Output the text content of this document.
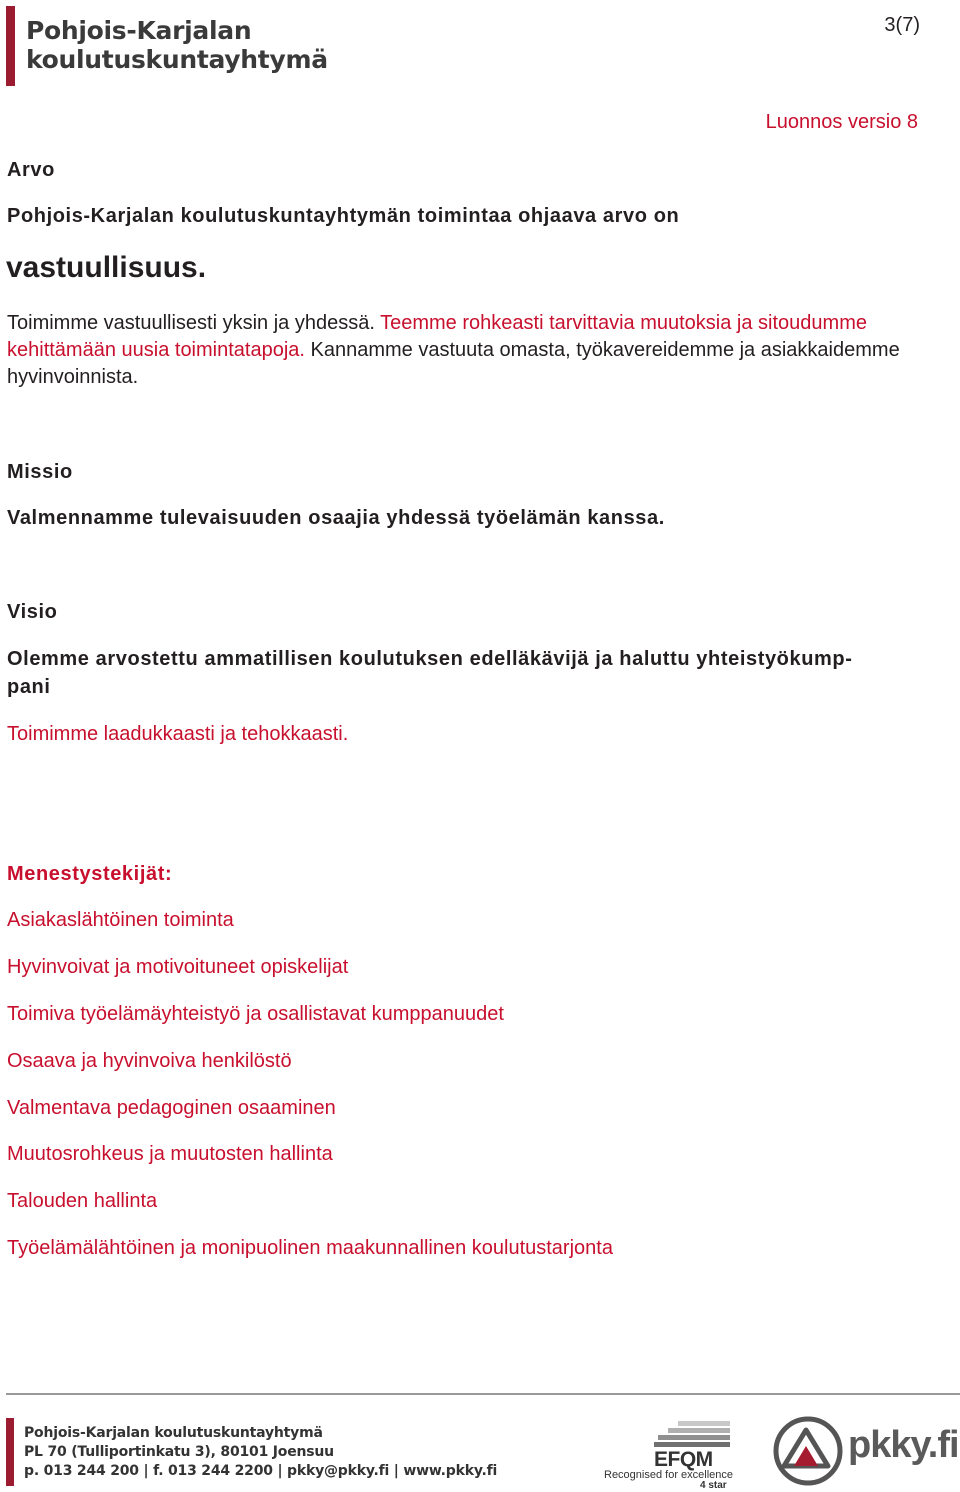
Pohjois-Karjalan
koulutuskuntayhtymä
3(7)
Luonnos versio 8
Arvo
Pohjois-Karjalan koulutuskuntayhtymän toimintaa ohjaava arvo on
vastuullisuus.
Toimimme vastuullisesti yksin ja yhdessä. Teemme rohkeasti tarvittavia muutoksia ja sitoudumme kehittämään uusia toimintatapoja. Kannamme vastuuta omasta, työkavereidemme ja asiakkaidemme hyvinvoinnista.
Missio
Valmennamme tulevaisuuden osaajia yhdessä työelämän kanssa.
Visio
Olemme arvostettu ammatillisen koulutuksen edelläkävijä ja haluttu yhteistyökump-
pani
Toimimme laadukkaasti ja tehokkaasti.
Menestystekijät:
Asiakaslähtöinen toiminta
Hyvinvoivat ja motivoituneet opiskelijat
Toimiva työelämäyhteistyö ja osallistavat kumppanuudet
Osaava ja hyvinvoiva henkilöstö
Valmentava pedagoginen osaaminen
Muutosrohkeus ja muutosten hallinta
Talouden hallinta
Työelämälähtöinen ja monipuolinen maakunnallinen koulutustarjonta
Pohjois-Karjalan koulutuskuntayhtymä
PL 70 (Tulliportinkatu 3), 80101 Joensuu
p. 013 244 200 | f. 013 244 2200 | pkky@pkky.fi | www.pkky.fi	EFQM
Recognised for excellence
4 star
pkky.fi
